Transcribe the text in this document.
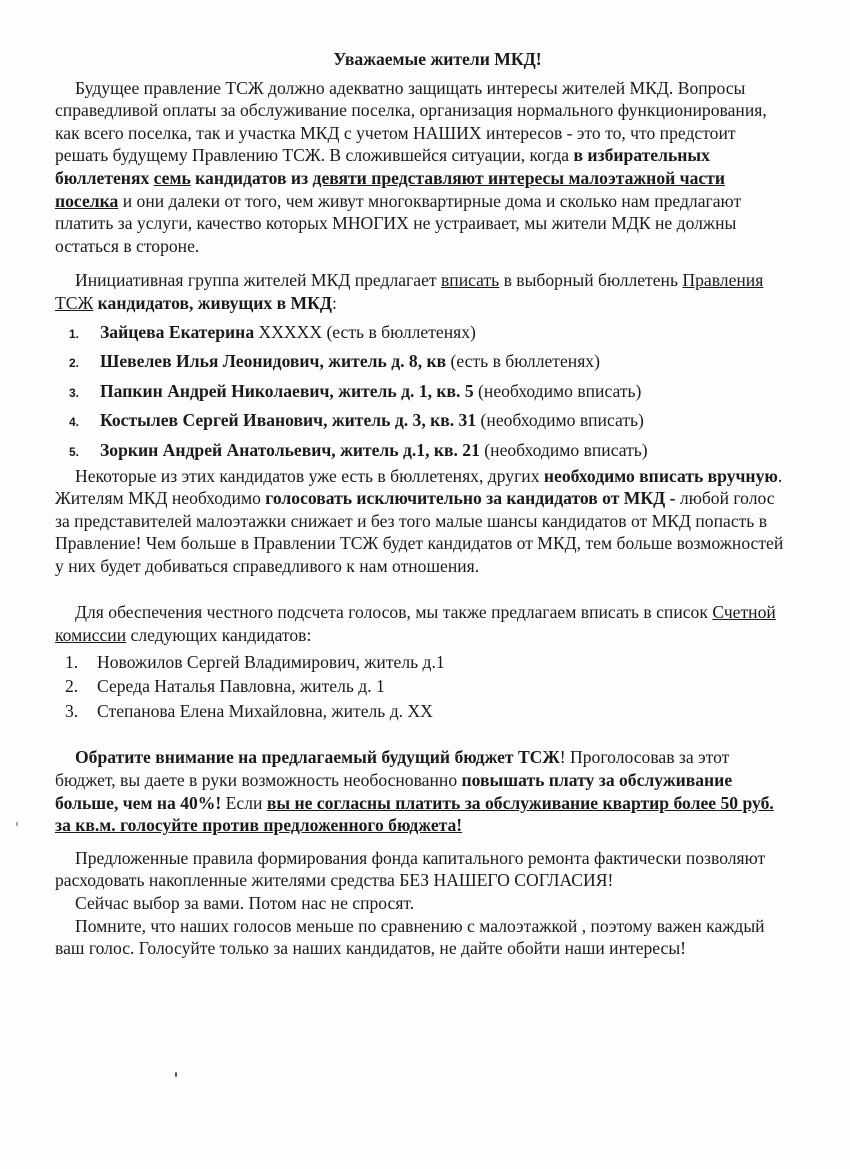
Уважаемые жители МКД!

Будущее правление ТСЖ должно адекватно защищать интересы жителей МКД. Вопросы справедливой оплаты за обслуживание поселка, организация нормального функционирования, как всего поселка, так и участка МКД с учетом НАШИХ интересов - это то, что предстоит решать будущему Правлению ТСЖ. В сложившейся ситуации, когда в избирательных бюллетенях семь кандидатов из девяти представляют интересы малоэтажной части поселка и они далеки от того, чем живут многоквартирные дома и сколько нам предлагают платить за услуги, качество которых МНОГИХ не устраивает, мы жители МДК не должны остаться в стороне.

Инициативная группа жителей МКД предлагает вписать в выборный бюллетень Правления ТСЖ кандидатов, живущих в МКД:

1.	Зайцева Екатерина XXXXX (есть в бюллетенях)
2.	Шевелев Илья Леонидович, житель д. 8, кв (есть в бюллетенях)
3.	Папкин Андрей Николаевич, житель д. 1, кв. 5 (необходимо вписать)
4.	Костылев Сергей Иванович, житель д. 3, кв. 31 (необходимо вписать)
5.	Зоркин Андрей Анатольевич, житель д.1, кв. 21 (необходимо вписать)

Некоторые из этих кандидатов уже есть в бюллетенях, других необходимо вписать вручную. Жителям МКД необходимо голосовать исключительно за кандидатов от МКД - любой голос за представителей малоэтажки снижает и без того малые шансы кандидатов от МКД попасть в Правление! Чем больше в Правлении ТСЖ будет кандидатов от МКД, тем больше возможностей у них будет добиваться справедливого к нам отношения.

Для обеспечения честного подсчета голосов, мы также предлагаем вписать в список Счетной комиссии следующих кандидатов:

1.	Новожилов Сергей Владимирович, житель д.1
2.	Середа Наталья Павловна, житель д. 1
3.	Степанова Елена Михайловна, житель д. XX

Обратите внимание на предлагаемый будущий бюджет ТСЖ! Проголосовав за этот бюджет, вы даете в руки возможность необоснованно повышать плату за обслуживание больше, чем на 40%! Если вы не согласны платить за обслуживание квартир более 50 руб. за кв.м. голосуйте против предложенного бюджета!

Предложенные правила формирования фонда капитального ремонта фактически позволяют расходовать накопленные жителями средства БЕЗ НАШЕГО СОГЛАСИЯ!

Сейчас выбор за вами. Потом нас не спросят.

Помните, что наших голосов меньше по сравнению с малоэтажкой , поэтому важен каждый ваш голос. Голосуйте только за наших кандидатов, не дайте обойти наши интересы!
